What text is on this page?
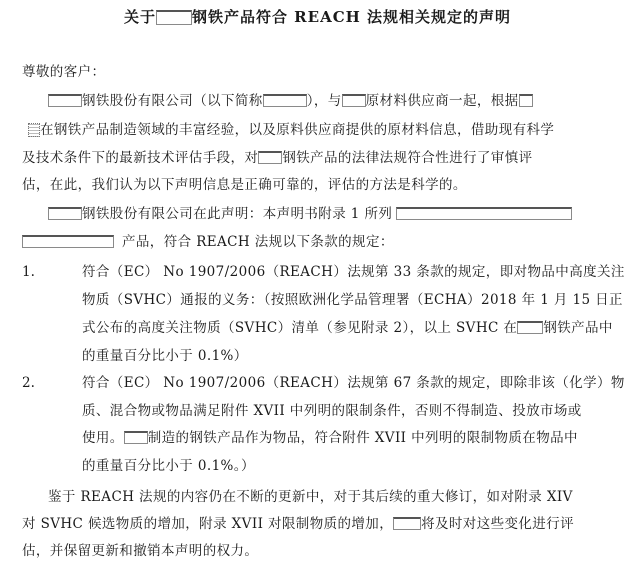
关于 钢铁产品符合 REACH 法规相关规定的声明
尊敬的客户：
钢铁股份有限公司（以下简称	），与 原材料供应商一起，根据
在钢铁产品制造领域的丰富经验，以及原料供应商提供的原材料信息，借助现有科学
及技术条件下的最新技术评估手段，对 钢铁产品的法律法规符合性进行了审慎评
估，在此，我们认为以下声明信息是正确可靠的，评估的方法是科学的。
钢铁股份有限公司在此声明：本声明书附录 1 所列
产品，符合 REACH 法规以下条款的规定：
1.	符合（EC） No 1907/2006（REACH）法规第 33 条款的规定，即对物品中高度关注
物质（SVHC）通报的义务：（按照欧洲化学品管理署（ECHA）2018 年 1 月 15 日正
式公布的高度关注物质（SVHC）清单（参见附录 2），以上 SVHC 在 钢铁产品中
的重量百分比小于 0.1%）
2.	符合（EC） No 1907/2006（REACH）法规第 67 条款的规定，即除非该（化学）物
质、混合物或物品满足附件 XVII 中列明的限制条件，否则不得制造、投放市场或
使用。 制造的钢铁产品作为物品，符合附件 XVII 中列明的限制物质在物品中
的重量百分比小于 0.1%。）
鉴于 REACH 法规的内容仍在不断的更新中，对于其后续的重大修订，如对附录 XIV
对 SVHC 候选物质的增加，附录 XVII 对限制物质的增加， 将及时对这些变化进行评
估，并保留更新和撤销本声明的权力。
